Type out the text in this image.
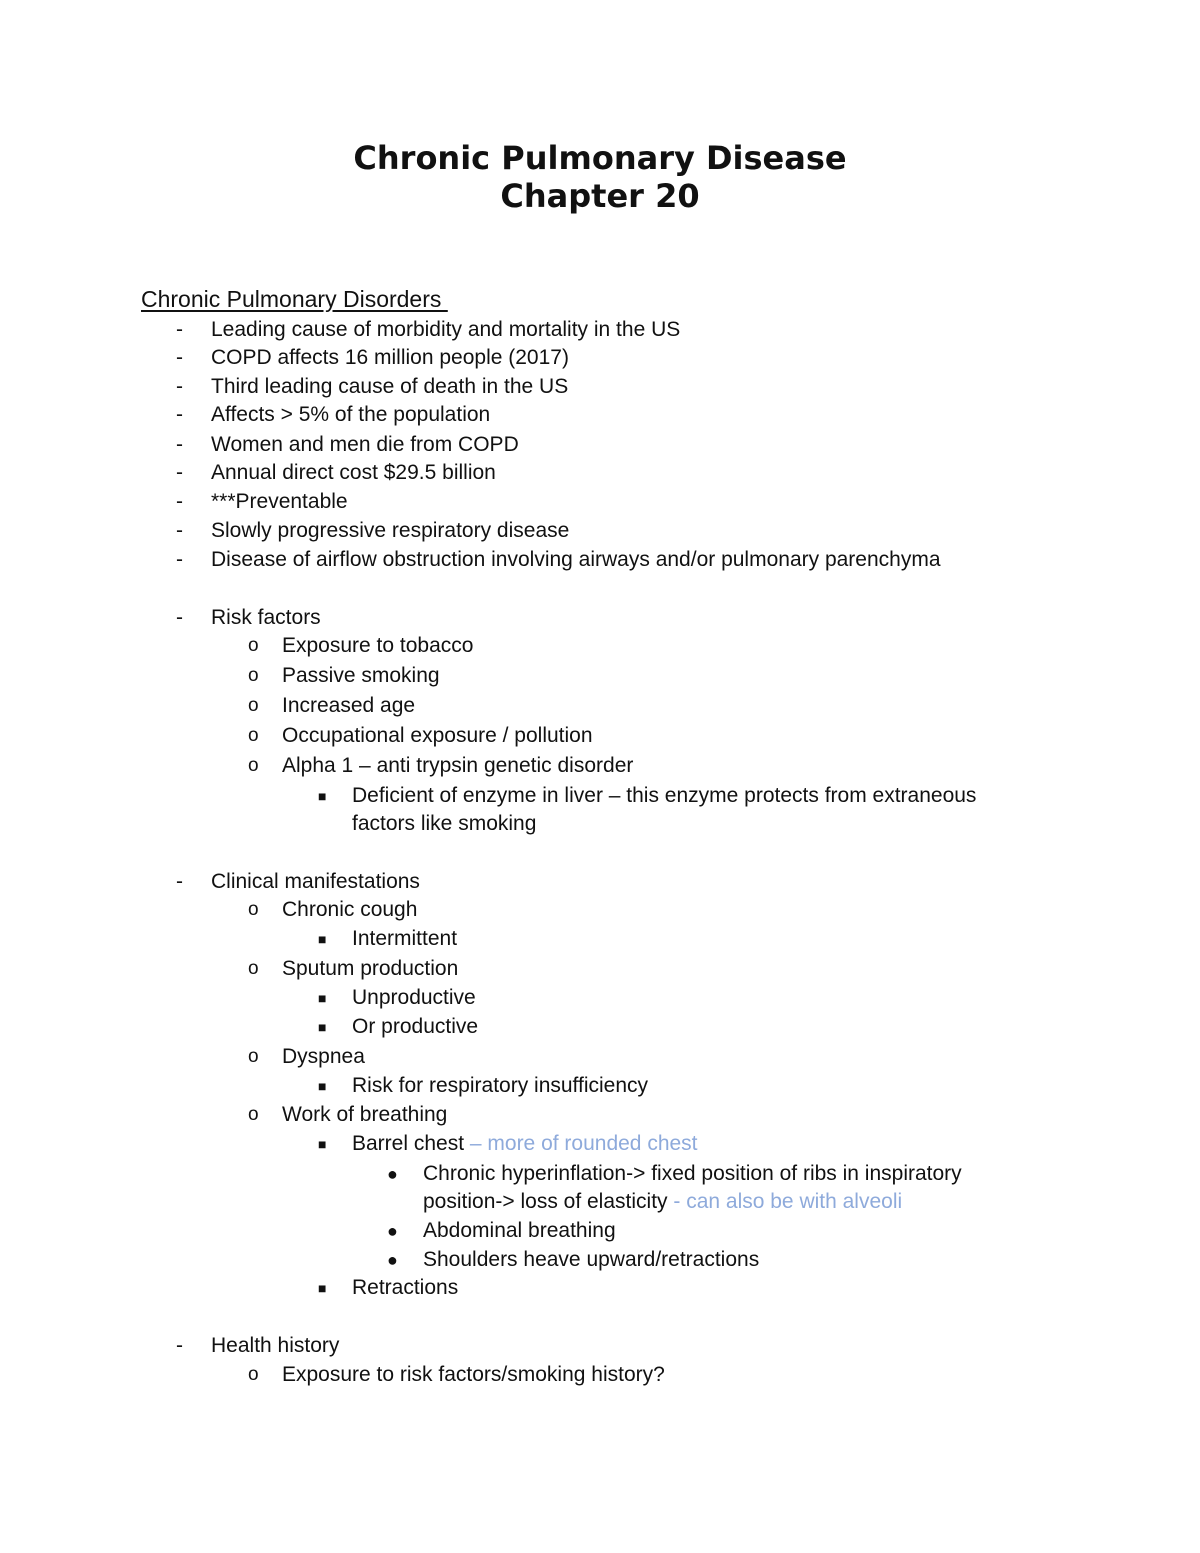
Chronic Pulmonary Disease
Chapter 20
Chronic Pulmonary Disorders
- Leading cause of morbidity and mortality in the US
- COPD affects 16 million people (2017)
- Third leading cause of death in the US
- Affects > 5% of the population
- Women and men die from COPD
- Annual direct cost $29.5 billion
- ***Preventable
- Slowly progressive respiratory disease
- Disease of airflow obstruction involving airways and/or pulmonary parenchyma
- Risk factors
o Exposure to tobacco
o Passive smoking
o Increased age
o Occupational exposure / pollution
o Alpha 1 – anti trypsin genetic disorder
■ Deficient of enzyme in liver – this enzyme protects from extraneous
factors like smoking
- Clinical manifestations
o Chronic cough
■ Intermittent
o Sputum production
■ Unproductive
■ Or productive
o Dyspnea
■ Risk for respiratory insufficiency
o Work of breathing
■ Barrel chest – more of rounded chest
● Chronic hyperinflation-> fixed position of ribs in inspiratory
position-> loss of elasticity - can also be with alveoli
● Abdominal breathing
● Shoulders heave upward/retractions
■ Retractions
- Health history
o Exposure to risk factors/smoking history?
